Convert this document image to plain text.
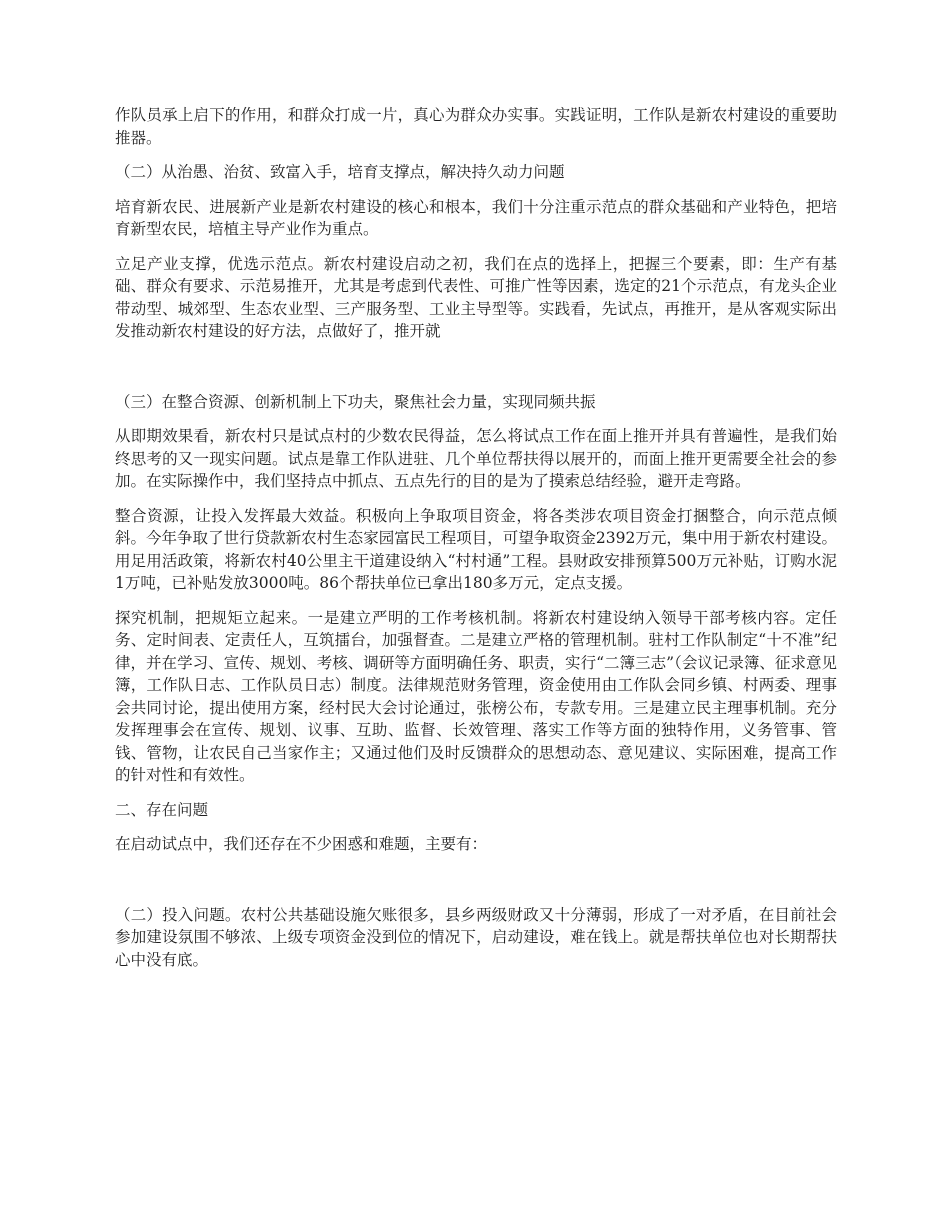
作队员承上启下的作用，和群众打成一片，真心为群众办实事。实践证明，工作队是新农村建设的重要助推器。

（二）从治愚、治贫、致富入手，培育支撑点，解决持久动力问题

培育新农民、进展新产业是新农村建设的核心和根本，我们十分注重示范点的群众基础和产业特色，把培育新型农民，培植主导产业作为重点。

立足产业支撑，优选示范点。新农村建设启动之初，我们在点的选择上，把握三个要素，即：生产有基础、群众有要求、示范易推开，尤其是考虑到代表性、可推广性等因素，选定的21个示范点，有龙头企业带动型、城郊型、生态农业型、三产服务型、工业主导型等。实践看，先试点，再推开，是从客观实际出发推动新农村建设的好方法，点做好了，推开就

（三）在整合资源、创新机制上下功夫，聚焦社会力量，实现同频共振

从即期效果看，新农村只是试点村的少数农民得益，怎么将试点工作在面上推开并具有普遍性，是我们始终思考的又一现实问题。试点是靠工作队进驻、几个单位帮扶得以展开的，而面上推开更需要全社会的参加。在实际操作中，我们坚持点中抓点、五点先行的目的是为了摸索总结经验，避开走弯路。

整合资源，让投入发挥最大效益。积极向上争取项目资金，将各类涉农项目资金打捆整合，向示范点倾斜。今年争取了世行贷款新农村生态家园富民工程项目，可望争取资金2392万元，集中用于新农村建设。用足用活政策，将新农村40公里主干道建设纳入“村村通”工程。县财政安排预算500万元补贴，订购水泥1万吨，已补贴发放3000吨。86个帮扶单位已拿出180多万元，定点支援。

探究机制，把规矩立起来。一是建立严明的工作考核机制。将新农村建设纳入领导干部考核内容。定任务、定时间表、定责任人，互筑擂台，加强督查。二是建立严格的管理机制。驻村工作队制定“十不准”纪律，并在学习、宣传、规划、考核、调研等方面明确任务、职责，实行“二簿三志”（会议记录簿、征求意见簿，工作队日志、工作队员日志）制度。法律规范财务管理，资金使用由工作队会同乡镇、村两委、理事会共同讨论，提出使用方案，经村民大会讨论通过，张榜公布，专款专用。三是建立民主理事机制。充分发挥理事会在宣传、规划、议事、互助、监督、长效管理、落实工作等方面的独特作用，义务管事、管钱、管物，让农民自己当家作主；又通过他们及时反馈群众的思想动态、意见建议、实际困难，提高工作的针对性和有效性。

二、存在问题

在启动试点中，我们还存在不少困惑和难题，主要有：

（二）投入问题。农村公共基础设施欠账很多，县乡两级财政又十分薄弱，形成了一对矛盾，在目前社会参加建设氛围不够浓、上级专项资金没到位的情况下，启动建设，难在钱上。就是帮扶单位也对长期帮扶心中没有底。
